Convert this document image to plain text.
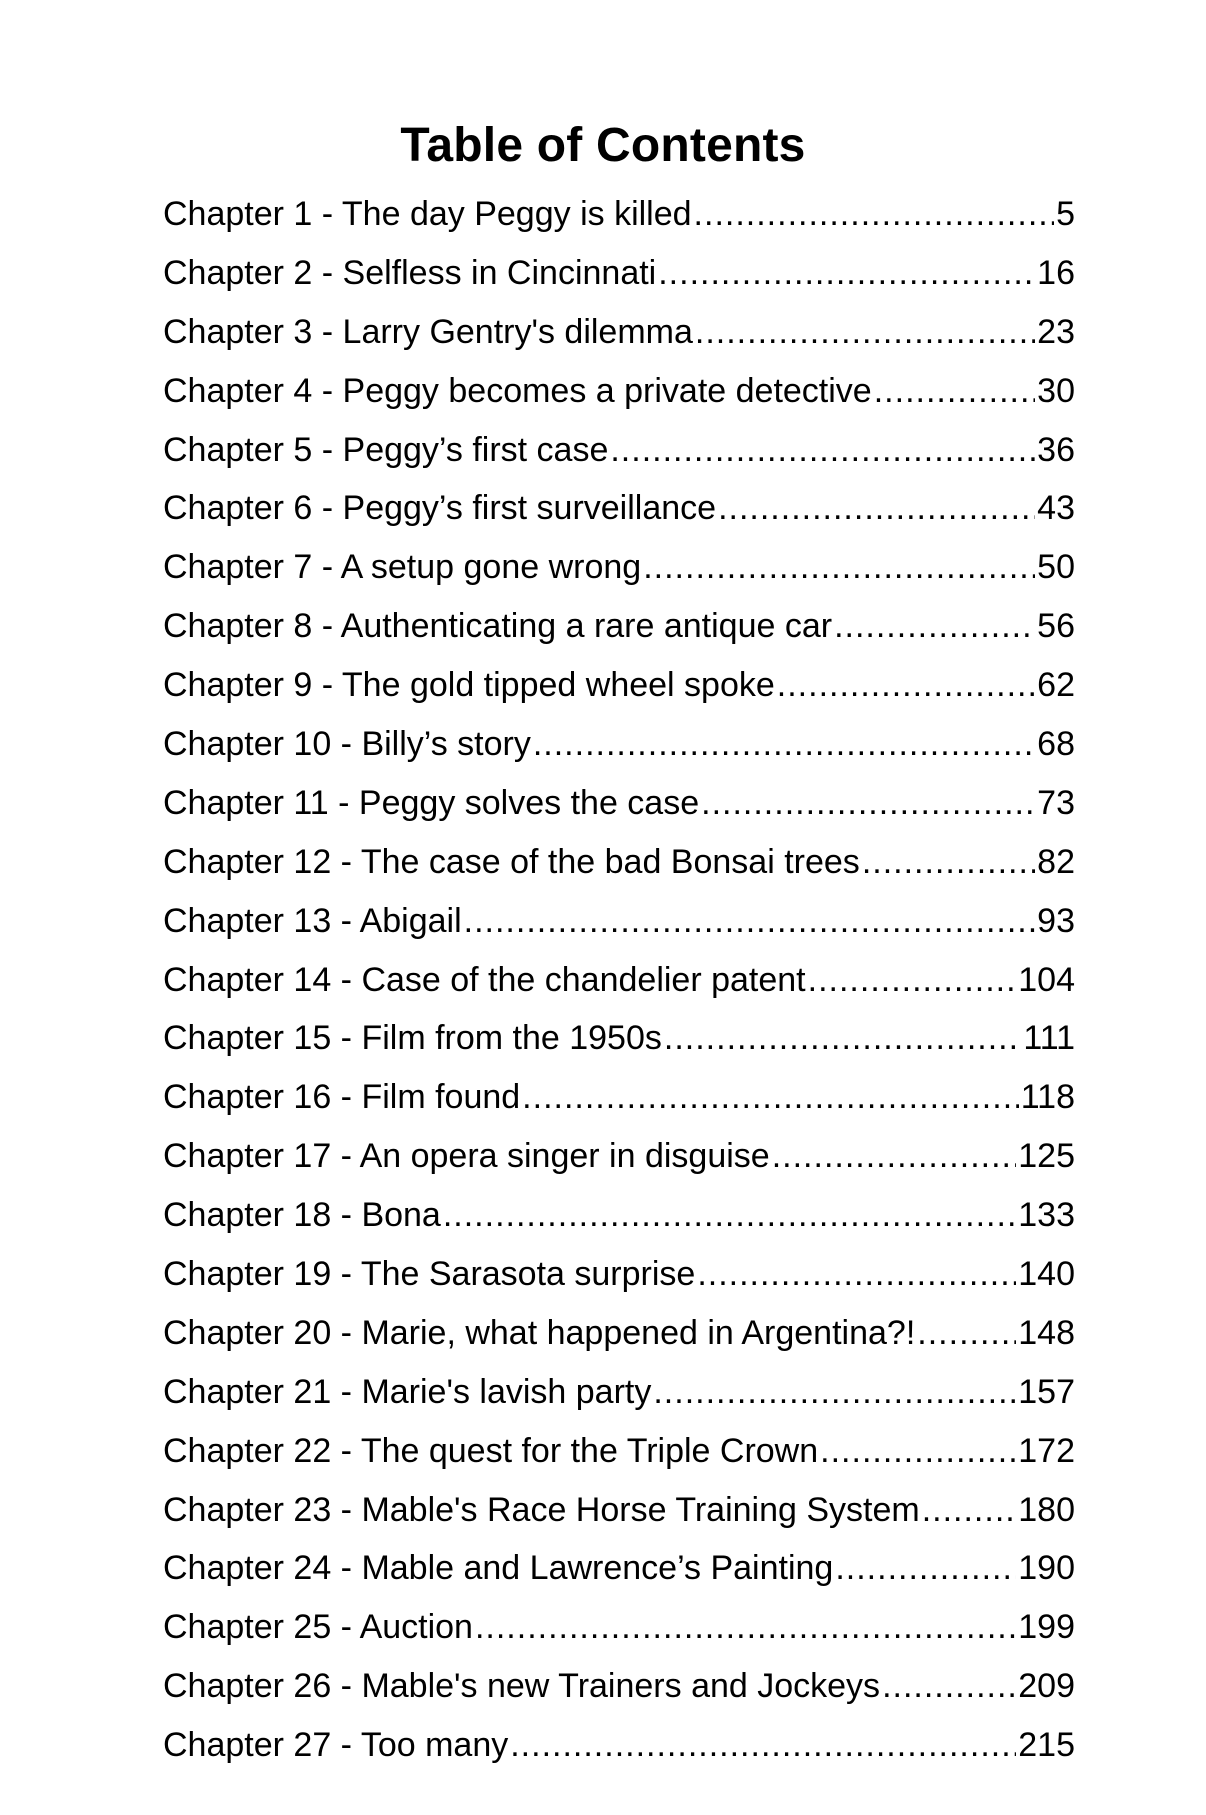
Table of Contents
Chapter 1 - The day Peggy is killed .....	5
Chapter 2 - Selfless in Cincinnati .....	16
Chapter 3 - Larry Gentry's dilemma .....	23
Chapter 4 - Peggy becomes a private detective .....	30
Chapter 5 - Peggy’s first case .....	36
Chapter 6 - Peggy’s first surveillance .....	43
Chapter 7 - A setup gone wrong .....	50
Chapter 8 - Authenticating a rare antique car .....	56
Chapter 9 - The gold tipped wheel spoke .....	62
Chapter 10 - Billy’s story .....	68
Chapter 11 - Peggy solves the case .....	73
Chapter 12 - The case of the bad Bonsai trees .....	82
Chapter 13 - Abigail .....	93
Chapter 14 - Case of the chandelier patent .....	104
Chapter 15 - Film from the 1950s .....	111
Chapter 16 - Film found .....	118
Chapter 17 - An opera singer in disguise .....	125
Chapter 18 - Bona .....	133
Chapter 19 - The Sarasota surprise .....	140
Chapter 20 - Marie, what happened in Argentina?! .....	148
Chapter 21 - Marie's lavish party .....	157
Chapter 22 - The quest for the Triple Crown .....	172
Chapter 23 - Mable's Race Horse Training System .....	180
Chapter 24 - Mable and Lawrence’s Painting .....	190
Chapter 25 - Auction .....	199
Chapter 26 - Mable's new Trainers and Jockeys .....	209
Chapter 27 - Too many .....	215
